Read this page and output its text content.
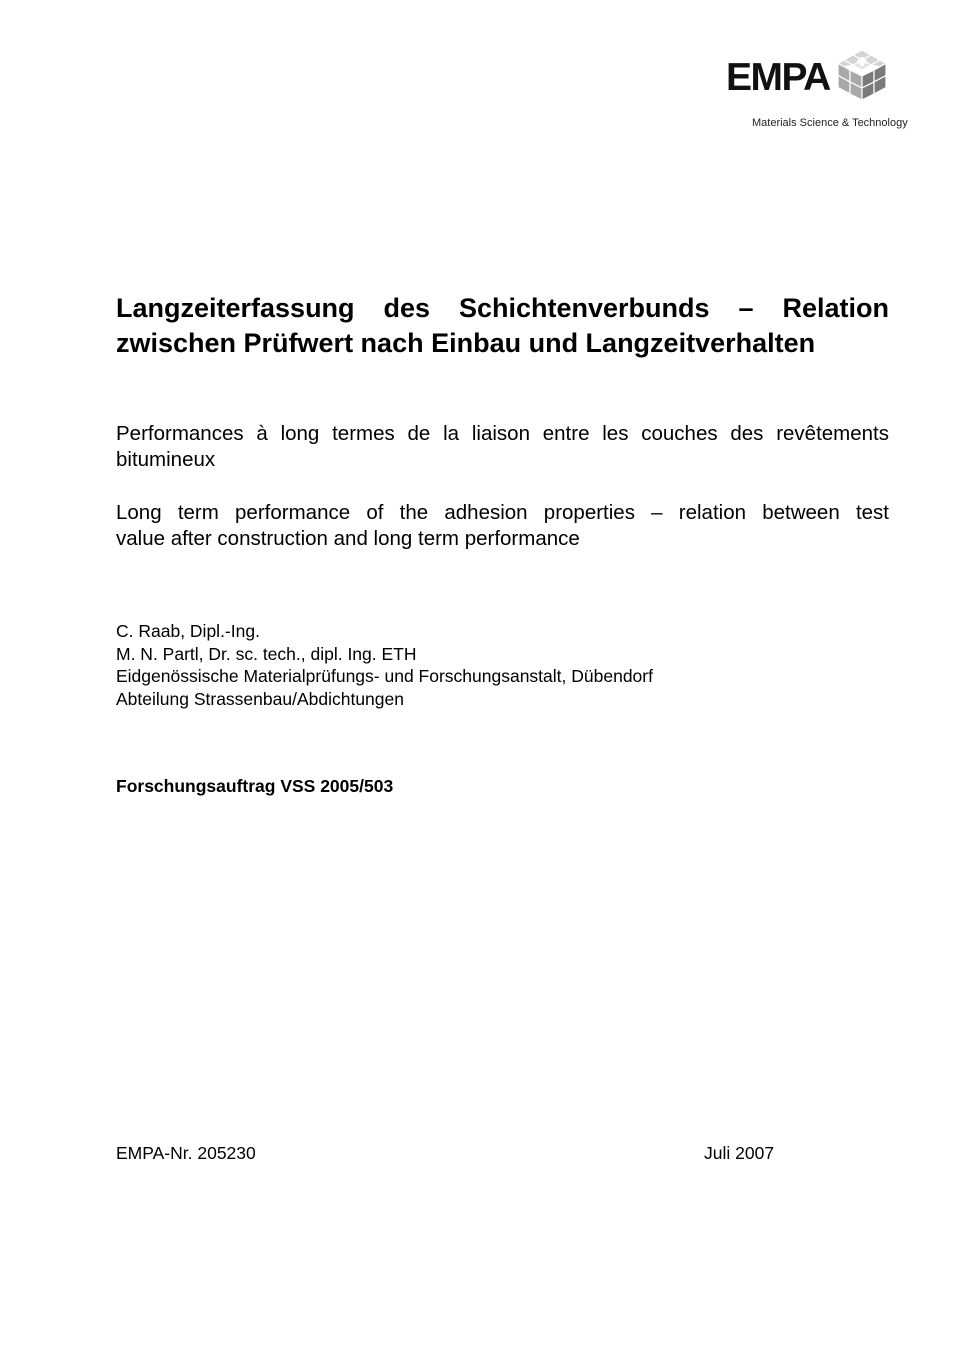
EMPA
Materials Science & Technology
Langzeiterfassung des Schichtenverbunds – Relation
zwischen Prüfwert nach Einbau und Langzeitverhalten

Performances à long termes de la liaison entre les couches des revêtements
bitumineux

Long term performance of the adhesion properties – relation between test
value after construction and long term performance

C. Raab, Dipl.-Ing.
M. N. Partl, Dr. sc. tech., dipl. Ing. ETH
Eidgenössische Materialprüfungs- und Forschungsanstalt, Dübendorf
Abteilung Strassenbau/Abdichtungen
Forschungsauftrag VSS 2005/503
EMPA-Nr. 205230	Juli 2007
